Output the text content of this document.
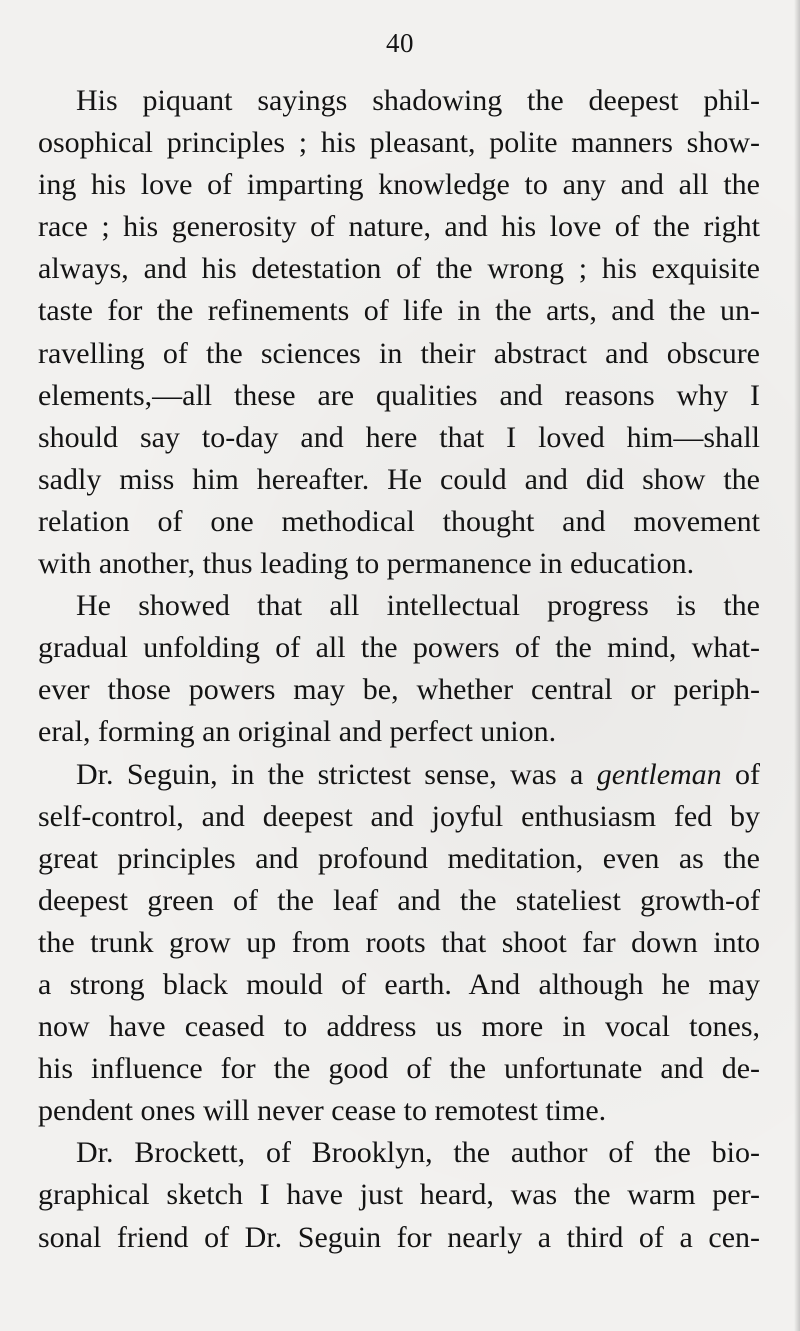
40
His piquant sayings shadowing the deepest phil-
osophical principles ; his pleasant, polite manners show-
ing his love of imparting knowledge to any and all the
race ; his generosity of nature, and his love of the right
always, and his detestation of the wrong ; his exquisite
taste for the refinements of life in the arts, and the un-
ravelling of the sciences in their abstract and obscure
elements,—all these are qualities and reasons why I
should say to-day and here that I loved him—shall
sadly miss him hereafter. He could and did show the
relation of one methodical thought and movement
with another, thus leading to permanence in education.
He showed that all intellectual progress is the
gradual unfolding of all the powers of the mind, what-
ever those powers may be, whether central or periph-
eral, forming an original and perfect union.
Dr. Seguin, in the strictest sense, was a gentleman of
self-control, and deepest and joyful enthusiasm fed by
great principles and profound meditation, even as the
deepest green of the leaf and the stateliest growth-of
the trunk grow up from roots that shoot far down into
a strong black mould of earth. And although he may
now have ceased to address us more in vocal tones,
his influence for the good of the unfortunate and de-
pendent ones will never cease to remotest time.
Dr. Brockett, of Brooklyn, the author of the bio-
graphical sketch I have just heard, was the warm per-
sonal friend of Dr. Seguin for nearly a third of a cen-
